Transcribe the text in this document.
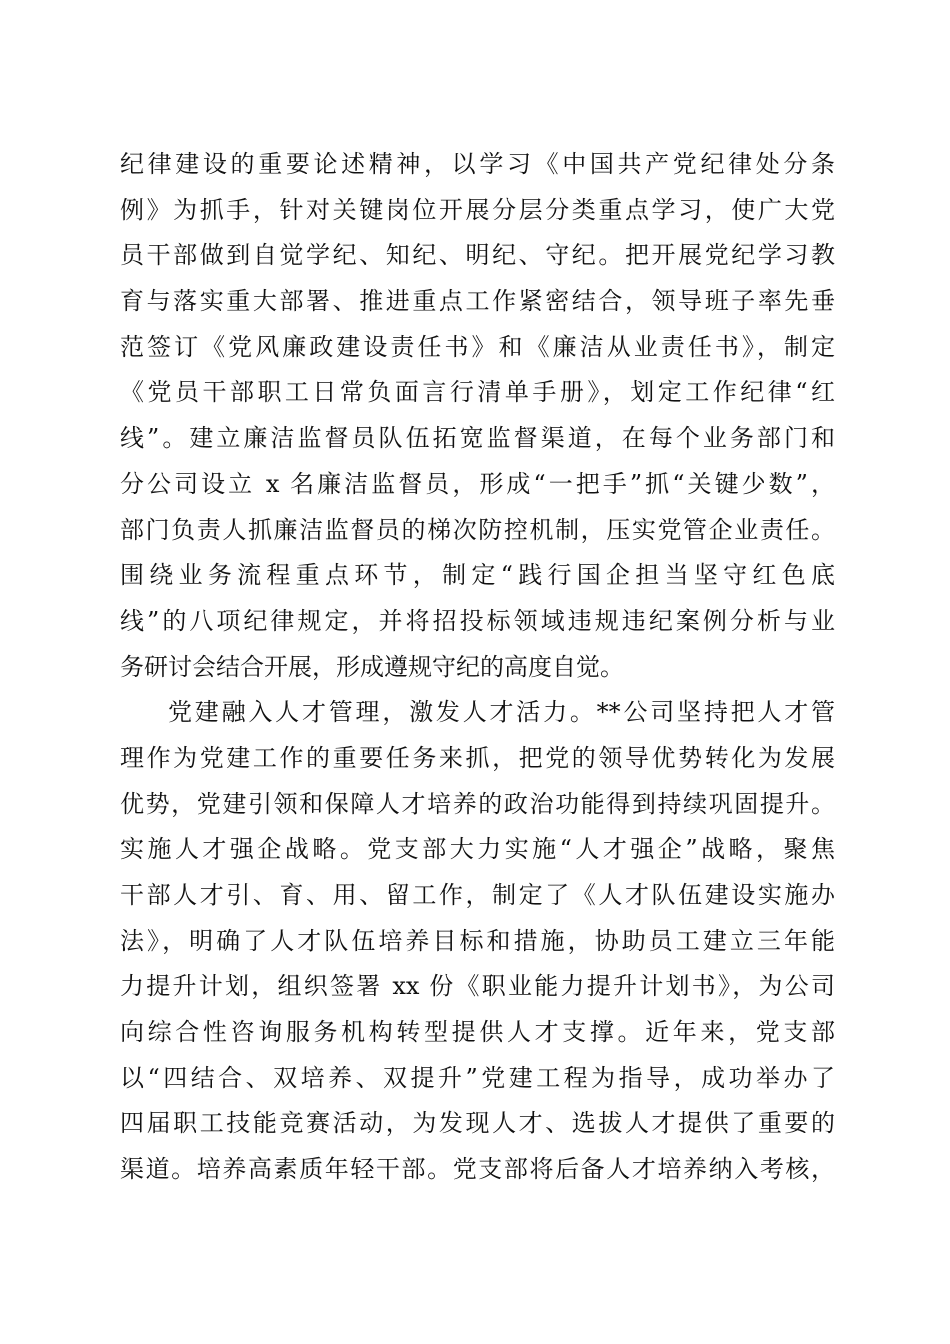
纪律建设的重要论述精神，以学习《中国共产党纪律处分条
例》为抓手，针对关键岗位开展分层分类重点学习，使广大党
员干部做到自觉学纪、知纪、明纪、守纪。把开展党纪学习教
育与落实重大部署、推进重点工作紧密结合，领导班子率先垂
范签订《党风廉政建设责任书》和《廉洁从业责任书》，制定
《党员干部职工日常负面言行清单手册》，划定工作纪律“红
线”。建立廉洁监督员队伍拓宽监督渠道，在每个业务部门和
分公司设立 x 名廉洁监督员，形成“一把手”抓“关键少数”，
部门负责人抓廉洁监督员的梯次防控机制，压实党管企业责任。
围绕业务流程重点环节，制定“践行国企担当坚守红色底
线”的八项纪律规定，并将招投标领域违规违纪案例分析与业
务研讨会结合开展，形成遵规守纪的高度自觉。
党建融入人才管理，激发人才活力。**公司坚持把人才管
理作为党建工作的重要任务来抓，把党的领导优势转化为发展
优势，党建引领和保障人才培养的政治功能得到持续巩固提升。
实施人才强企战略。党支部大力实施“人才强企”战略，聚焦
干部人才引、育、用、留工作，制定了《人才队伍建设实施办
法》，明确了人才队伍培养目标和措施，协助员工建立三年能
力提升计划，组织签署 xx 份《职业能力提升计划书》，为公司
向综合性咨询服务机构转型提供人才支撑。近年来，党支部
以“四结合、双培养、双提升”党建工程为指导，成功举办了
四届职工技能竞赛活动，为发现人才、选拔人才提供了重要的
渠道。培养高素质年轻干部。党支部将后备人才培养纳入考核，
